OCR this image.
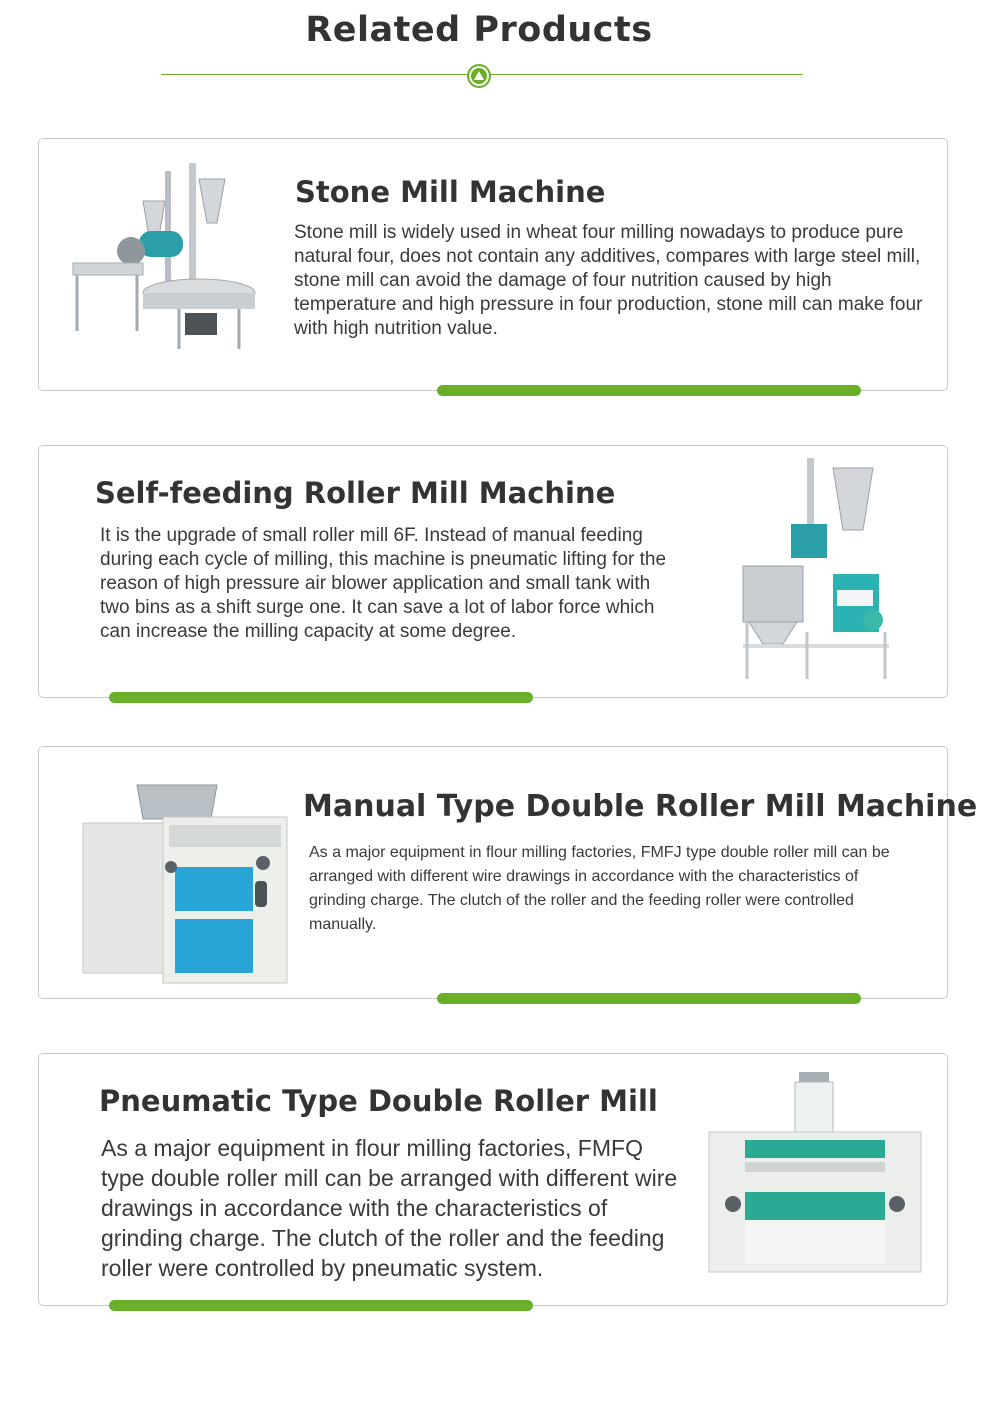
Related Products
Stone Mill Machine

Stone mill is widely used in wheat four milling nowadays to produce pure natural four, does not contain any additives, compares with large steel mill, stone mill can avoid the damage of four nutrition caused by high temperature and high pressure in four production, stone mill can make four with high nutrition value.

Self-feeding Roller Mill Machine

It is the upgrade of small roller mill 6F. Instead of manual feeding during each cycle of milling, this machine is pneumatic lifting for the reason of high pressure air blower application and small tank with two bins as a shift surge one. It can save a lot of labor force which can increase the milling capacity at some degree.

Manual Type Double Roller Mill Machine

As a major equipment in flour milling factories, FMFJ type double roller mill can be arranged with different wire drawings in accordance with the characteristics of grinding charge. The clutch of the roller and the feeding roller were controlled manually.

Pneumatic Type Double Roller Mill

As a major equipment in flour milling factories, FMFQ type double roller mill can be arranged with different wire drawings in accordance with the characteristics of grinding charge. The clutch of the roller and the feeding roller were controlled by pneumatic system.
